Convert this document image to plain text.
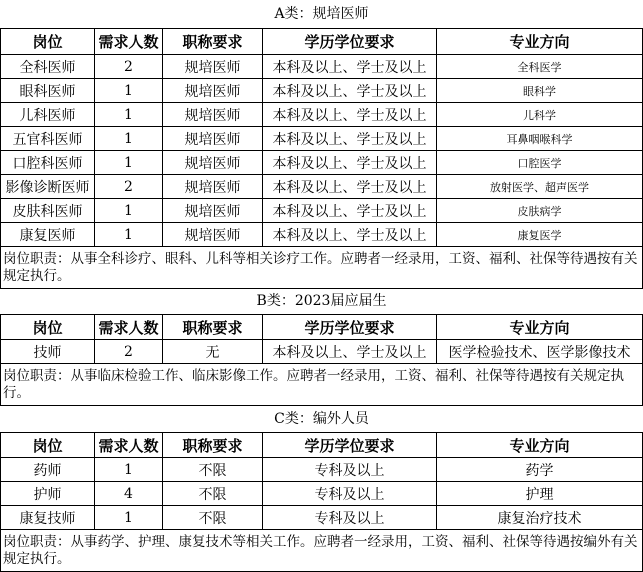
A类：规培医师
岗位	需求人数	职称要求	学历学位要求	专业方向
全科医师	2	规培医师	本科及以上、学士及以上	全科医学
眼科医师	1	规培医师	本科及以上、学士及以上	眼科学
儿科医师	1	规培医师	本科及以上、学士及以上	儿科学
五官科医师	1	规培医师	本科及以上、学士及以上	耳鼻咽喉科学
口腔科医师	1	规培医师	本科及以上、学士及以上	口腔医学
影像诊断医师	2	规培医师	本科及以上、学士及以上	放射医学、超声医学
皮肤科医师	1	规培医师	本科及以上、学士及以上	皮肤病学
康复医师	1	规培医师	本科及以上、学士及以上	康复医学
岗位职责：从事全科诊疗、眼科、儿科等相关诊疗工作。应聘者一经录用，工资、福利、社保等待遇按有关规定执行。				
B类：2023届应届生
岗位	需求人数	职称要求	学历学位要求	专业方向
技师	2	无	本科及以上、学士及以上	医学检验技术、医学影像技术
岗位职责：从事临床检验工作、临床影像工作。应聘者一经录用，工资、福利、社保等待遇按有关规定执行。				
C类：编外人员
岗位	需求人数	职称要求	学历学位要求	专业方向
药师	1	不限	专科及以上	药学
护师	4	不限	专科及以上	护理
康复技师	1	不限	专科及以上	康复治疗技术
岗位职责：从事药学、护理、康复技术等相关工作。应聘者一经录用，工资、福利、社保等待遇按编外有关规定执行。				
